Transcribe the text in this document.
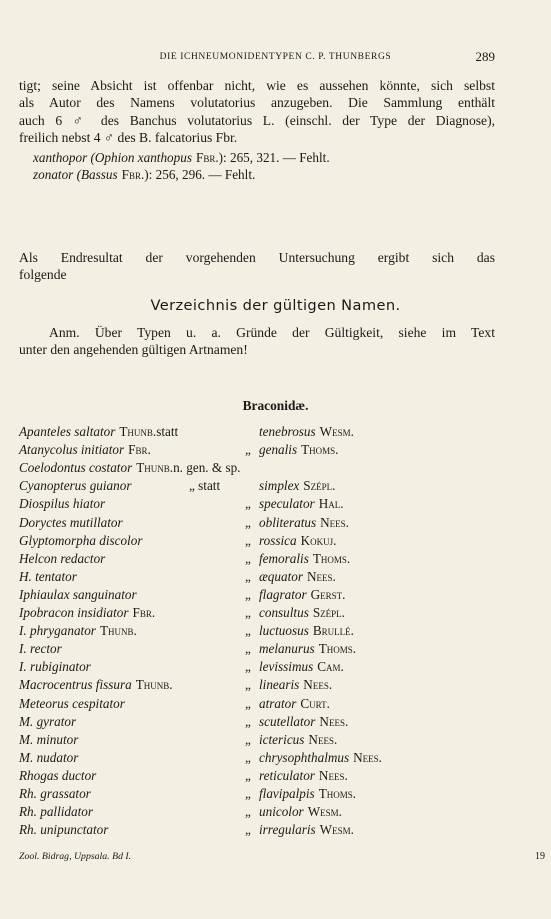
DIE ICHNEUMONIDENTYPEN C. P. THUNBERGS	289
tigt; seine Absicht ist offenbar nicht, wie es aussehen könnte, sich selbst
als Autor des Namens volutatorius anzugeben. Die Sammlung enthält
auch 6 ♂ des Banchus volutatorius L. (einschl. der Type der Diagnose),
freilich nebst 4 ♂ des B. falcatorius Fbr.
xanthopor (Ophion xanthopus Fbr.): 265, 321. — Fehlt.
zonator (Bassus Fbr.): 256, 296. — Fehlt.
Als Endresultat der vorgehenden Untersuchung ergibt sich das
folgende
Verzeichnis der gültigen Namen.
Anm. Über Typen u. a. Gründe der Gültigkeit, siehe im Text
unter den angehenden gültigen Artnamen!
Braconidæ.
Apanteles saltator Thunb. statt	tenebrosus Wesm.
Atanycolus initiator Fbr.	„ genalis Thoms.
Coelodontus costator Thunb. n. gen. & sp.
Cyanopterus guianor	„ statt	simplex Szépl.
Diospilus hiator	„ speculator Hal.
Doryctes mutillator	„ obliteratus Nees.
Glyptomorpha discolor	„ rossica Kokuj.
Helcon redactor	„ femoralis Thoms.
H. tentator	„ æquator Nees.
Iphiaulax sanguinator	„ flagrator Gerst.
Ipobracon insidiator Fbr.	„ consultus Szépl.
I. phryganator Thunb.	„ luctuosus Brullé.
I. rector	„ melanurus Thoms.
I. rubiginator	„ levissimus Cam.
Macrocentrus fissura Thunb.	„ linearis Nees.
Meteorus cespitator	„ atrator Curt.
M. gyrator	„ scutellator Nees.
M. minutor	„ ictericus Nees.
M. nudator	„ chrysophthalmus Nees.
Rhogas ductor	„ reticulator Nees.
Rh. grassator	„ flavipalpis Thoms.
Rh. pallidator	„ unicolor Wesm.
Rh. unipunctator	„ irregularis Wesm.
Zool. Bidrag, Uppsala. Bd I.	19
